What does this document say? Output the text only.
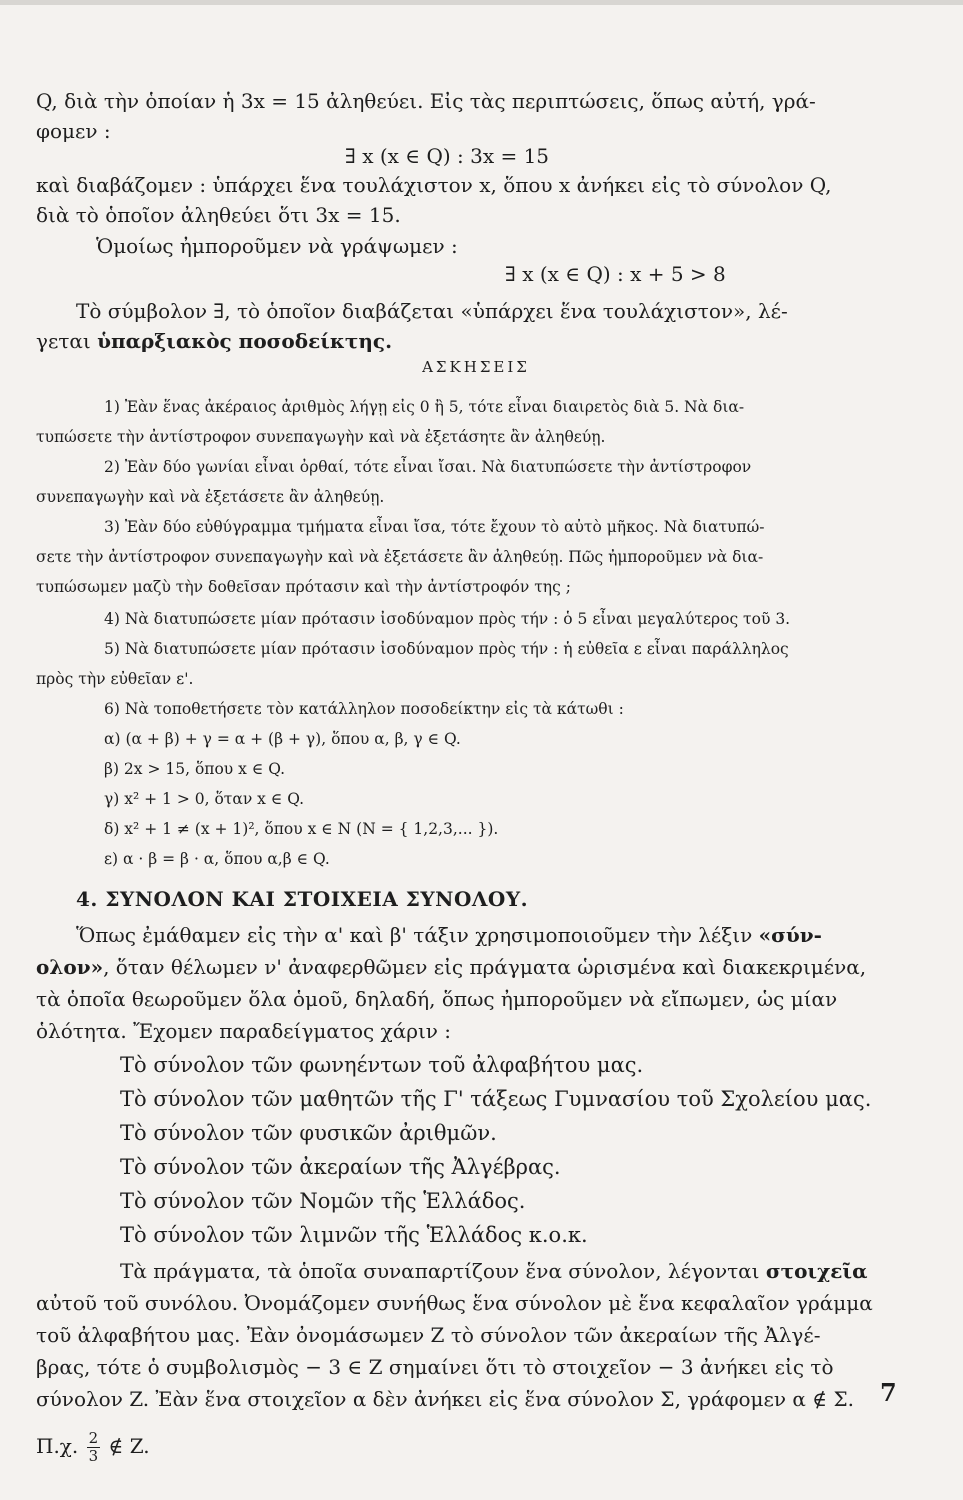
Q, διὰ τὴν ὁποίαν ἡ 3x = 15 ἀληθεύει. Εἰς τὰς περιπτώσεις, ὅπως αὐτή, γρά-
φομεν :
∃ x (x ∈ Q) : 3x = 15
καὶ διαβάζομεν : ὑπάρχει ἕνα τουλάχιστον x, ὅπου x ἀνήκει εἰς τὸ σύνολον Q,
διὰ τὸ ὁποῖον ἀληθεύει ὅτι 3x = 15.
Ὁμοίως ἠμποροῦμεν νὰ γράψωμεν :
∃ x (x ∈ Q) : x + 5 > 8
Τὸ σύμβολον ∃, τὸ ὁποῖον διαβάζεται «ὑπάρχει ἕνα τουλάχιστον», λέ-
γεται ὑπαρξιακὸς ποσοδείκτης.
ΑΣΚΗΣΕΙΣ
1) Ἐὰν ἕνας ἀκέραιος ἀριθμὸς λήγῃ εἰς 0 ἢ 5, τότε εἶναι διαιρετὸς διὰ 5. Νὰ δια-
τυπώσετε τὴν ἀντίστροφον συνεπαγωγὴν καὶ νὰ ἐξετάσητε ἂν ἀληθεύῃ.
2) Ἐὰν δύο γωνίαι εἶναι ὀρθαί, τότε εἶναι ἴσαι. Νὰ διατυπώσετε τὴν ἀντίστροφον
συνεπαγωγὴν καὶ νὰ ἐξετάσετε ἂν ἀληθεύῃ.
3) Ἐὰν δύο εὐθύγραμμα τμήματα εἶναι ἴσα, τότε ἔχουν τὸ αὐτὸ μῆκος. Νὰ διατυπώ-
σετε τὴν ἀντίστροφον συνεπαγωγὴν καὶ νὰ ἐξετάσετε ἂν ἀληθεύῃ. Πῶς ἠμποροῦμεν νὰ δια-
τυπώσωμεν μαζὺ τὴν δοθεῖσαν πρότασιν καὶ τὴν ἀντίστροφόν της ;
4) Νὰ διατυπώσετε μίαν πρότασιν ἰσοδύναμον πρὸς τήν : ὁ 5 εἶναι μεγαλύτερος τοῦ 3.
5) Νὰ διατυπώσετε μίαν πρότασιν ἰσοδύναμον πρὸς τήν : ἡ εὐθεῖα ε εἶναι παράλληλος
πρὸς τὴν εὐθεῖαν ε'.
6) Νὰ τοποθετήσετε τὸν κατάλληλον ποσοδείκτην εἰς τὰ κάτωθι :
α) (α + β) + γ = α + (β + γ), ὅπου α, β, γ ∈ Q.
β) 2x > 15, ὅπου x ∈ Q.
γ) x² + 1 > 0, ὅταν x ∈ Q.
δ) x² + 1 ≠ (x + 1)², ὅπου x ∈ N (N = { 1,2,3,... }).
ε) α · β = β · α, ὅπου α,β ∈ Q.
4. ΣΥΝΟΛΟΝ ΚΑΙ ΣΤΟΙΧΕΙΑ ΣΥΝΟΛΟΥ.
Ὅπως ἐμάθαμεν εἰς τὴν α' καὶ β' τάξιν χρησιμοποιοῦμεν τὴν λέξιν «σύν-
ολον», ὅταν θέλωμεν ν' ἀναφερθῶμεν εἰς πράγματα ὡρισμένα καὶ διακεκριμένα,
τὰ ὁποῖα θεωροῦμεν ὅλα ὁμοῦ, δηλαδή, ὅπως ἠμποροῦμεν νὰ εἴπωμεν, ὡς μίαν
ὁλότητα. Ἔχομεν παραδείγματος χάριν :
Τὸ σύνολον τῶν φωνηέντων τοῦ ἀλφαβήτου μας.
Τὸ σύνολον τῶν μαθητῶν τῆς Γ' τάξεως Γυμνασίου τοῦ Σχολείου μας.
Τὸ σύνολον τῶν φυσικῶν ἀριθμῶν.
Τὸ σύνολον τῶν ἀκεραίων τῆς Ἀλγέβρας.
Τὸ σύνολον τῶν Νομῶν τῆς Ἑλλάδος.
Τὸ σύνολον τῶν λιμνῶν τῆς Ἑλλάδος κ.ο.κ.
Τὰ πράγματα, τὰ ὁποῖα συναπαρτίζουν ἕνα σύνολον, λέγονται στοιχεῖα
αὐτοῦ τοῦ συνόλου. Ὀνομάζομεν συνήθως ἕνα σύνολον μὲ ἕνα κεφαλαῖον γράμμα
τοῦ ἀλφαβήτου μας. Ἐὰν ὀνομάσωμεν Z τὸ σύνολον τῶν ἀκεραίων τῆς Ἀλγέ-
βρας, τότε ὁ συμβολισμὸς − 3 ∈ Z σημαίνει ὅτι τὸ στοιχεῖον − 3 ἀνήκει εἰς τὸ
σύνολον Z. Ἐὰν ἕνα στοιχεῖον α δὲν ἀνήκει εἰς ἕνα σύνολον Σ, γράφομεν α ∉ Σ.
Π.χ. $\frac{2}{3}$ ∉ Z.
7
